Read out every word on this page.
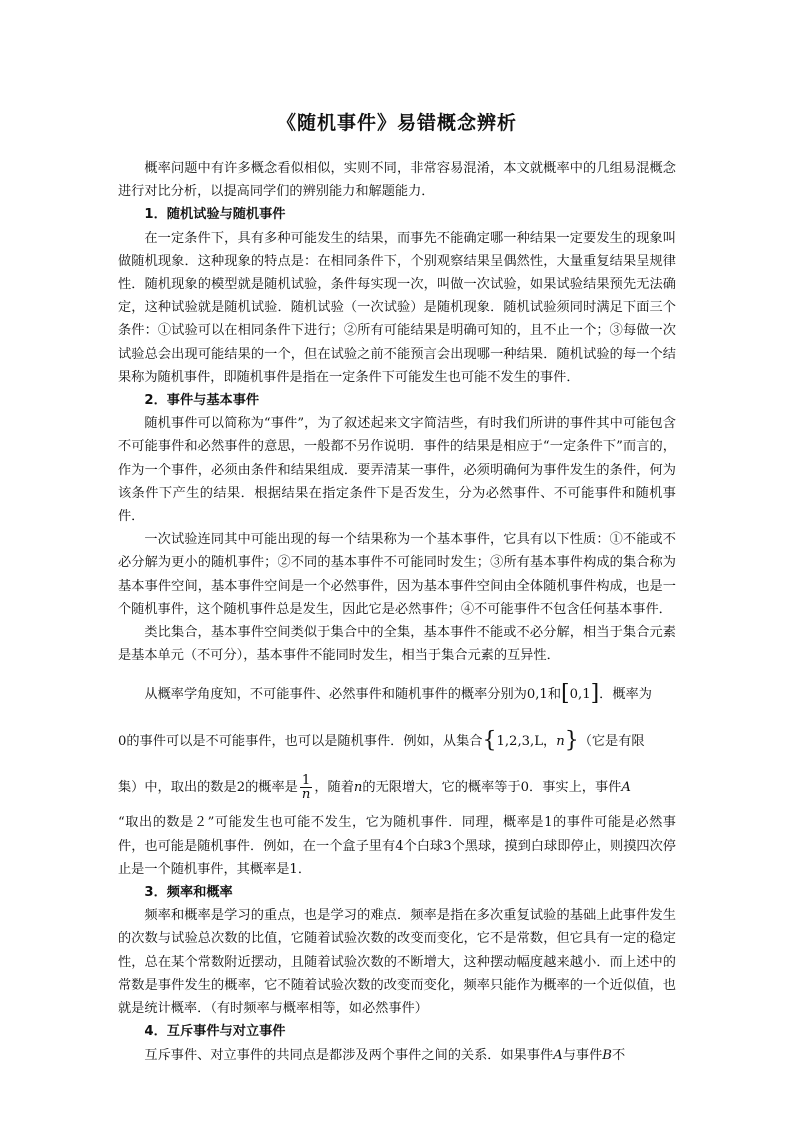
《随机事件》易错概念辨析

概率问题中有许多概念看似相似，实则不同，非常容易混淆，本文就概率中的几组易混概念进行对比分析，以提高同学们的辨别能力和解题能力．

1．随机试验与随机事件

在一定条件下，具有多种可能发生的结果，而事先不能确定哪一种结果一定要发生的现象叫做随机现象．这种现象的特点是：在相同条件下，个别观察结果呈偶然性，大量重复结果呈规律性．随机现象的模型就是随机试验，条件每实现一次，叫做一次试验，如果试验结果预先无法确定，这种试验就是随机试验．随机试验（一次试验）是随机现象．随机试验须同时满足下面三个条件：①试验可以在相同条件下进行；②所有可能结果是明确可知的，且不止一个；③每做一次试验总会出现可能结果的一个，但在试验之前不能预言会出现哪一种结果．随机试验的每一个结果称为随机事件，即随机事件是指在一定条件下可能发生也可能不发生的事件．

2．事件与基本事件

随机事件可以简称为“事件”，为了叙述起来文字简洁些，有时我们所讲的事件其中可能包含不可能事件和必然事件的意思，一般都不另作说明．事件的结果是相应于“一定条件下”而言的，作为一个事件，必须由条件和结果组成．要弄清某一事件，必须明确何为事件发生的条件，何为该条件下产生的结果．根据结果在指定条件下是否发生，分为必然事件、不可能事件和随机事件．

一次试验连同其中可能出现的每一个结果称为一个基本事件，它具有以下性质：①不能或不必分解为更小的随机事件；②不同的基本事件不可能同时发生；③所有基本事件构成的集合称为基本事件空间，基本事件空间是一个必然事件，因为基本事件空间由全体随机事件构成，也是一个随机事件，这个随机事件总是发生，因此它是必然事件；④不可能事件不包含任何基本事件．

类比集合，基本事件空间类似于集合中的全集，基本事件不能或不必分解，相当于集合元素是基本单元（不可分），基本事件不能同时发生，相当于集合元素的互异性．

从概率学角度知，不可能事件、必然事件和随机事件的概率分别为0,1和[0,1]．概率为

0的事件可以是不可能事件，也可以是随机事件．例如，从集合{1,2,3,L，n}（它是有限

集）中，取出的数是2的概率是 $\frac{1}{n}$ ，随着n的无限增大，它的概率等于0．事实上，事件A

“取出的数是２”可能发生也可能不发生，它为随机事件．同理，概率是1的事件可能是必然事件，也可能是随机事件．例如，在一个盒子里有4个白球3个黑球，摸到白球即停止，则摸四次停止是一个随机事件，其概率是1．

3．频率和概率

频率和概率是学习的重点，也是学习的难点．频率是指在多次重复试验的基础上此事件发生的次数与试验总次数的比值，它随着试验次数的改变而变化，它不是常数，但它具有一定的稳定性，总在某个常数附近摆动，且随着试验次数的不断增大，这种摆动幅度越来越小．而上述中的常数是事件发生的概率，它不随着试验次数的改变而变化，频率只能作为概率的一个近似值，也就是统计概率．（有时频率与概率相等，如必然事件）

4．互斥事件与对立事件

互斥事件、对立事件的共同点是都涉及两个事件之间的关系．如果事件A与事件B不
